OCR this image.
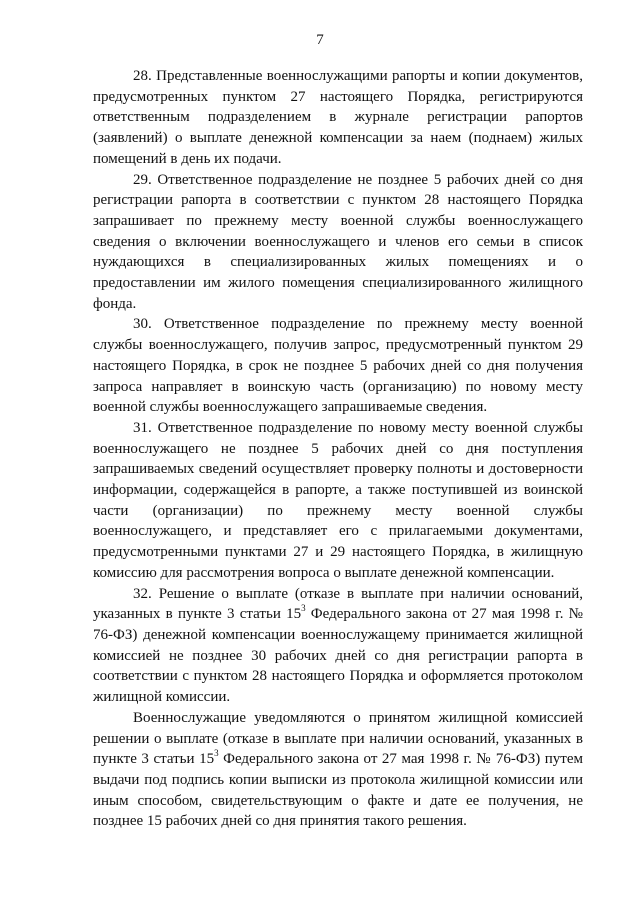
7

28. Представленные военнослужащими рапорты и копии документов, предусмотренных пунктом 27 настоящего Порядка, регистрируются ответственным подразделением в журнале регистрации рапортов (заявлений) о выплате денежной компенсации за наем (поднаем) жилых помещений в день их подачи.

29. Ответственное подразделение не позднее 5 рабочих дней со дня регистрации рапорта в соответствии с пунктом 28 настоящего Порядка запрашивает по прежнему месту военной службы военнослужащего сведения о включении военнослужащего и членов его семьи в список нуждающихся в специализированных жилых помещениях и о предоставлении им жилого помещения специализированного жилищного фонда.

30. Ответственное подразделение по прежнему месту военной службы военнослужащего, получив запрос, предусмотренный пунктом 29 настоящего Порядка, в срок не позднее 5 рабочих дней со дня получения запроса направляет в воинскую часть (организацию) по новому месту военной службы военнослужащего запрашиваемые сведения.

31. Ответственное подразделение по новому месту военной службы военнослужащего не позднее 5 рабочих дней со дня поступления запрашиваемых сведений осуществляет проверку полноты и достоверности информации, содержащейся в рапорте, а также поступившей из воинской части (организации) по прежнему месту военной службы военнослужащего, и представляет его с прилагаемыми документами, предусмотренными пунктами 27 и 29 настоящего Порядка, в жилищную комиссию для рассмотрения вопроса о выплате денежной компенсации.

32. Решение о выплате (отказе в выплате при наличии оснований, указанных в пункте 3 статьи $15^3$ Федерального закона от 27 мая 1998 г. № 76-ФЗ) денежной компенсации военнослужащему принимается жилищной комиссией не позднее 30 рабочих дней со дня регистрации рапорта в соответствии с пунктом 28 настоящего Порядка и оформляется протоколом жилищной комиссии.

Военнослужащие уведомляются о принятом жилищной комиссией решении о выплате (отказе в выплате при наличии оснований, указанных в пункте 3 статьи $15^3$ Федерального закона от 27 мая 1998 г. № 76-ФЗ) путем выдачи под подпись копии выписки из протокола жилищной комиссии или иным способом, свидетельствующим о факте и дате ее получения, не позднее 15 рабочих дней со дня принятия такого решения.
